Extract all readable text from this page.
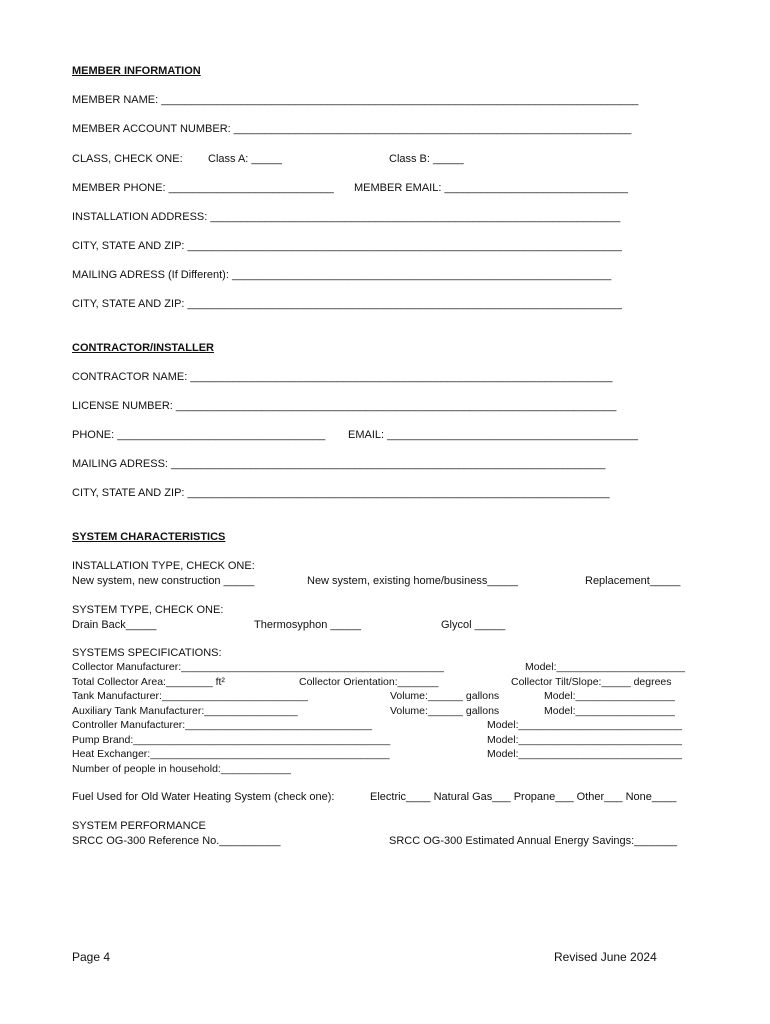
MEMBER INFORMATION
MEMBER NAME: ______________________________________________________________________________
MEMBER ACCOUNT NUMBER: _________________________________________________________________
CLASS, CHECK ONE: Class A: _____	Class B: _____
MEMBER PHONE: ___________________________ MEMBER EMAIL: ______________________________
INSTALLATION ADDRESS: ___________________________________________________________________
CITY, STATE AND ZIP: _______________________________________________________________________
MAILING ADRESS (If Different): ______________________________________________________________
CITY, STATE AND ZIP: _______________________________________________________________________
CONTRACTOR/INSTALLER
CONTRACTOR NAME: _____________________________________________________________________
LICENSE NUMBER: ________________________________________________________________________
PHONE: __________________________________ EMAIL: _________________________________________
MAILING ADRESS: _______________________________________________________________________
CITY, STATE AND ZIP: _____________________________________________________________________
SYSTEM CHARACTERISTICS
INSTALLATION TYPE, CHECK ONE:
New system, new construction _____	New system, existing home/business_____	Replacement_____
SYSTEM TYPE, CHECK ONE:
Drain Back_____	Thermosyphon _____	Glycol _____
SYSTEMS SPECIFICATIONS:
Collector Manufacturer:_____________________________________________	Model:______________________
Total Collector Area:________ ft²	Collector Orientation:_______	Collector Tilt/Slope:_____ degrees
Tank Manufacturer:_________________________	Volume:______ gallons	Model:_________________
Auxiliary Tank Manufacturer:________________	Volume:______ gallons	Model:_________________
Controller Manufacturer:________________________________	Model:____________________________
Pump Brand:____________________________________________	Model:____________________________
Heat Exchanger:_________________________________________	Model:____________________________
Number of people in household:____________
Fuel Used for Old Water Heating System (check one):	Electric____ Natural Gas___ Propane___ Other___ None____
SYSTEM PERFORMANCE
SRCC OG-300 Reference No.__________	SRCC OG-300 Estimated Annual Energy Savings:_______
Page 4	Revised June 2024
